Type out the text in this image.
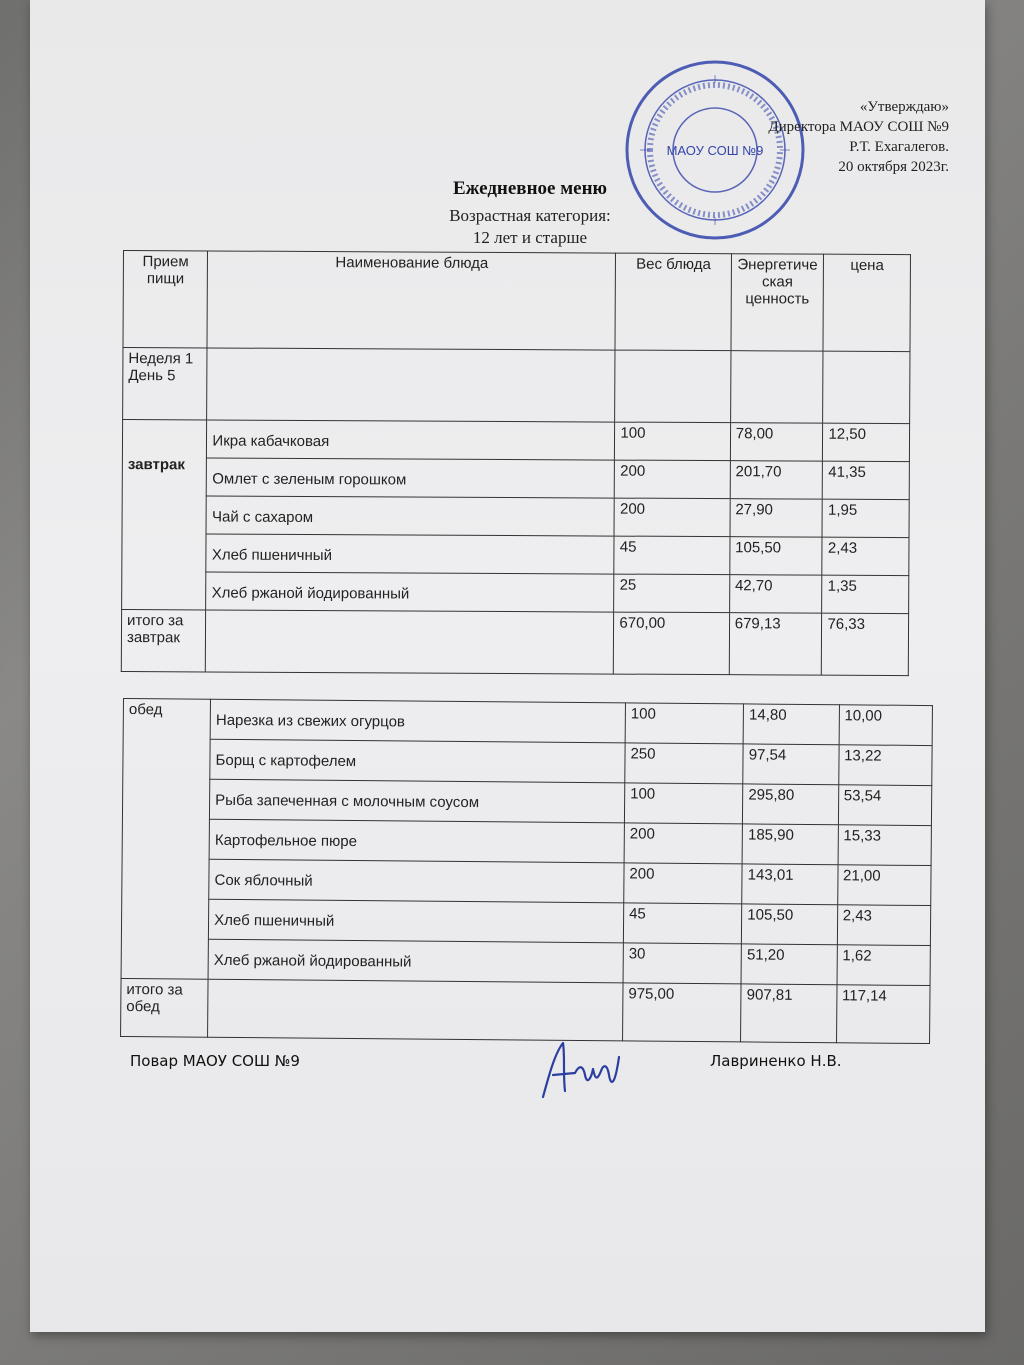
МАОУ СОШ №9
«Утверждаю»
Директора МАОУ СОШ №9
Р.Т. Ехагалегов.
20 октября 2023г.
Ежедневное меню
Возрастная категория:
12 лет и старше
Прием пищи	Наименование блюда	Вес блюда	Энергетическая ценность	цена
Неделя 1 День 5				
завтрак	Икра кабачковая	100	78,00	12,50
	Омлет с зеленым горошком	200	201,70	41,35
	Чай с сахаром	200	27,90	1,95
	Хлеб пшеничный	45	105,50	2,43
	Хлеб ржаной йодированный	25	42,70	1,35
итого за завтрак		670,00	679,13	76,33
обед	Нарезка из свежих огурцов	100	14,80	10,00
	Борщ с картофелем	250	97,54	13,22
	Рыба запеченная с молочным соусом	100	295,80	53,54
	Картофельное пюре	200	185,90	15,33
	Сок яблочный	200	143,01	21,00
	Хлеб пшеничный	45	105,50	2,43
	Хлеб ржаной йодированный	30	51,20	1,62
итого за обед		975,00	907,81	117,14
Повар МАОУ СОШ №9	Лавриненко Н.В.
